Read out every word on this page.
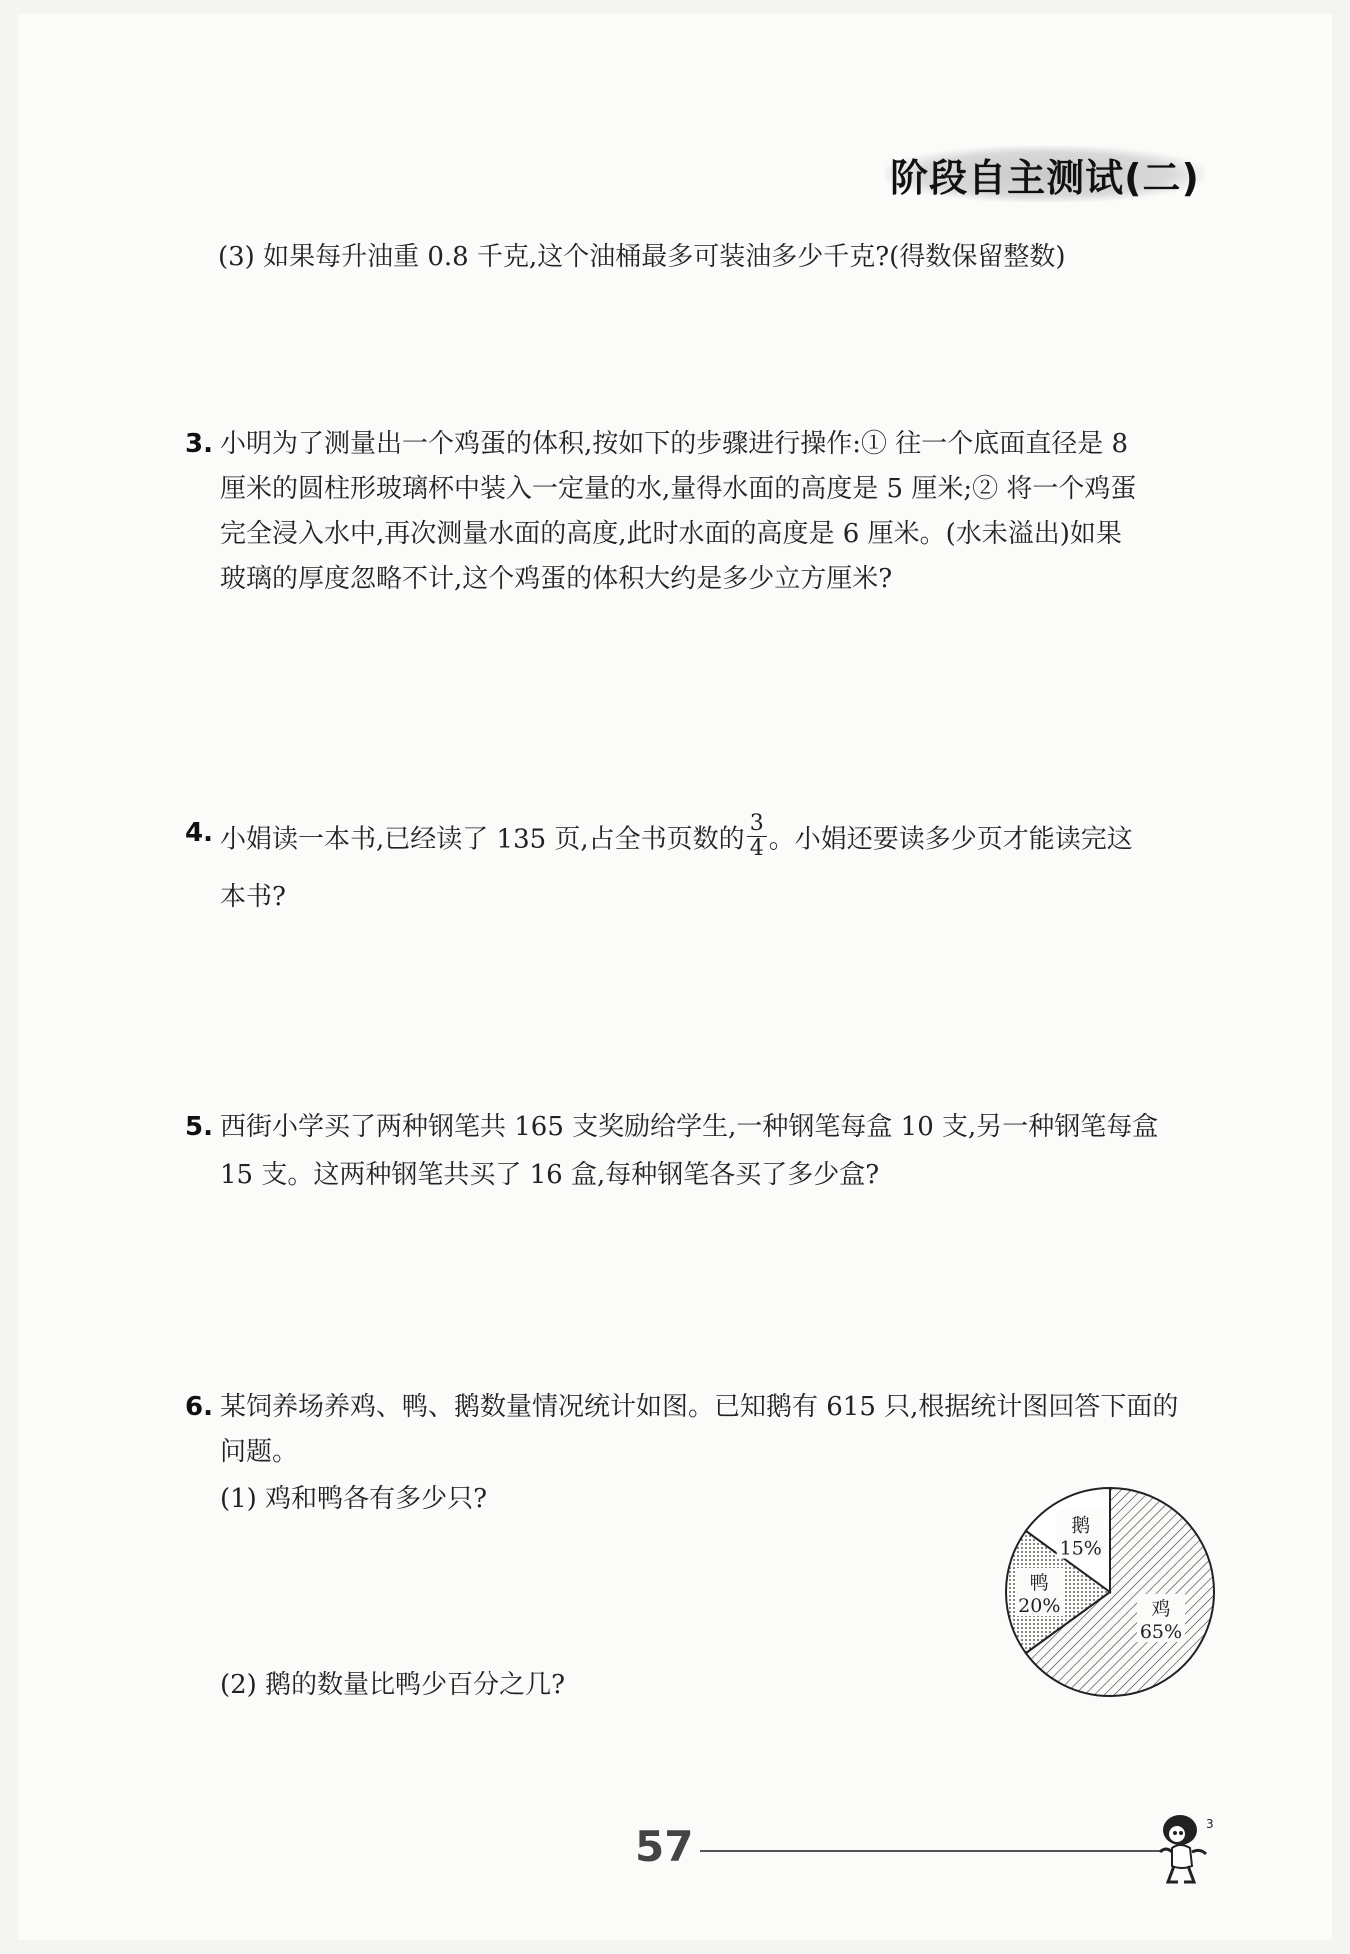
阶段自主测试(二)
(3) 如果每升油重 0.8 千克,这个油桶最多可装油多少千克?(得数保留整数)
3. 小明为了测量出一个鸡蛋的体积,按如下的步骤进行操作:① 往一个底面直径是 8
厘米的圆柱形玻璃杯中装入一定量的水,量得水面的高度是 5 厘米;② 将一个鸡蛋
完全浸入水中,再次测量水面的高度,此时水面的高度是 6 厘米。(水未溢出)如果
玻璃的厚度忽略不计,这个鸡蛋的体积大约是多少立方厘米?
4. 小娟读一本书,已经读了 135 页,占全书页数的 $\frac{3}{4}$ 。小娟还要读多少页才能读完这
本书?
5. 西街小学买了两种钢笔共 165 支奖励给学生,一种钢笔每盒 10 支,另一种钢笔每盒
15 支。这两种钢笔共买了 16 盒,每种钢笔各买了多少盒?
6. 某饲养场养鸡、鸭、鹅数量情况统计如图。已知鹅有 615 只,根据统计图回答下面的
问题。
(1) 鸡和鸭各有多少只?
(2) 鹅的数量比鸭少百分之几?
鸡
65%
鸭
20%
鹅
15%
57	3
